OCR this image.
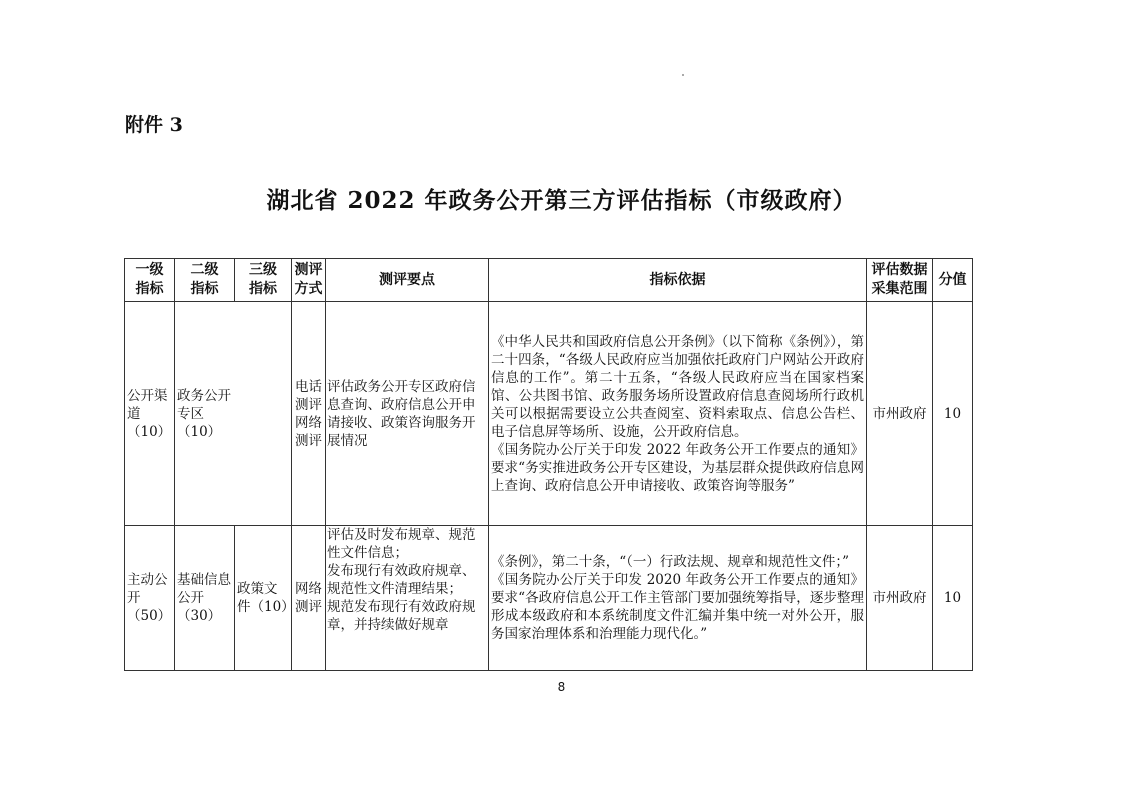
附件 3
湖北省 2022 年政务公开第三方评估指标（市级政府）
一级指标	二级指标	三级指标	测评方式	测评要点	指标依据	评估数据采集范围	分值
公开渠道（10）	政务公开专区（10）		电话测评网络测评	评估政务公开专区政府信息查询、政府信息公开申请接收、政策咨询服务开展情况	《中华人民共和国政府信息公开条例》（以下简称《条例》），第二十四条，“各级人民政府应当加强依托政府门户网站公开政府信息的工作”。第二十五条，“各级人民政府应当在国家档案馆、公共图书馆、政务服务场所设置政府信息查阅场所行政机关可以根据需要设立公共查阅室、资料索取点、信息公告栏、电子信息屏等场所、设施，公开政府信息。
《国务院办公厅关于印发 2022 年政务公开工作要点的通知》要求“务实推进政务公开专区建设，为基层群众提供政府信息网上查询、政府信息公开申请接收、政策咨询等服务”	市州政府	10
主动公开（50）	基础信息公开（30）	政策文件（10）	网络测评	评估及时发布规章、规范性文件信息；
发布现行有效政府规章、规范性文件清理结果；
规范发布现行有效政府规章，并持续做好规章	《条例》，第二十条，“（一）行政法规、规章和规范性文件；”
《国务院办公厅关于印发 2020 年政务公开工作要点的通知》要求“各政府信息公开工作主管部门要加强统筹指导，逐步整理形成本级政府和本系统制度文件汇编并集中统一对外公开，服务国家治理体系和治理能力现代化。”	市州政府	10
8
